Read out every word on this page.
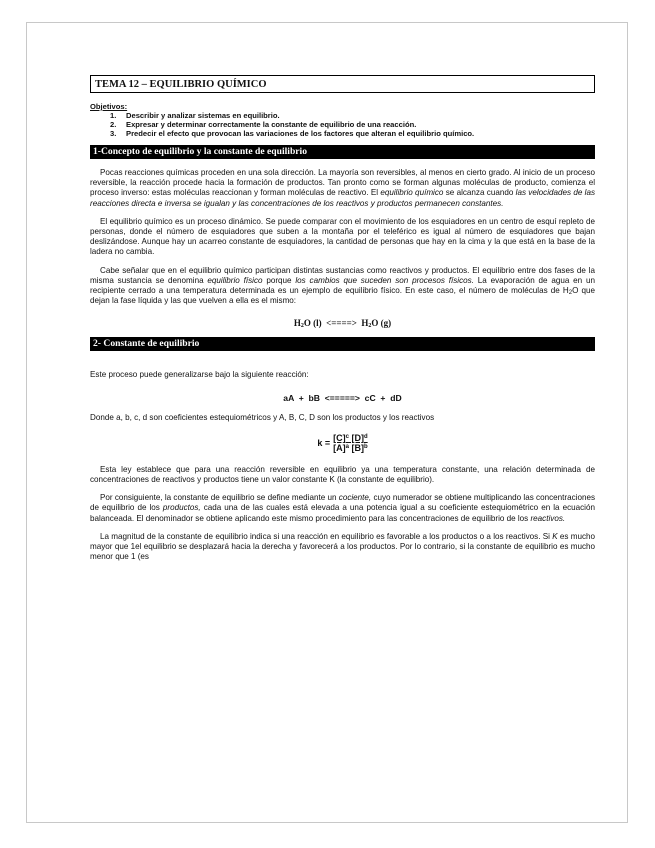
TEMA 12 – EQUILIBRIO QUÍMICO
Objetivos:
1.	Describir y analizar sistemas en equilibrio.
2.	Expresar y determinar correctamente la constante de equilibrio de una reacción.
3.	Predecir el efecto que provocan las variaciones de los factores que alteran el equilibrio químico.
1-Concepto de equilibrio y la constante de equilibrio

Pocas reacciones químicas proceden en una sola dirección. La mayoría son reversibles, al menos en cierto grado. Al inicio de un proceso reversible, la reacción procede hacia la formación de productos. Tan pronto como se forman algunas moléculas de producto, comienza el proceso inverso: estas moléculas reaccionan y forman moléculas de reactivo. El equilibrio químico se alcanza cuando las velocidades de las reacciones directa e inversa se igualan y las concentraciones de los reactivos y productos permanecen constantes.

El equilibrio químico es un proceso dinámico. Se puede comparar con el movimiento de los esquiadores en un centro de esquí repleto de personas, donde el número de esquiadores que suben a la montaña por el teleférico es igual al número de esquiadores que bajan deslizándose. Aunque hay un acarreo constante de esquiadores, la cantidad de personas que hay en la cima y la que está en la base de la ladera no cambia.

Cabe señalar que en el equilibrio químico participan distintas sustancias como reactivos y productos. El equilibrio entre dos fases de la misma sustancia se denomina equilibrio físico porque los cambios que suceden son procesos físicos. La evaporación de agua en un recipiente cerrado a una temperatura determinada es un ejemplo de equilibrio físico. En este caso, el número de moléculas de $H_2O$ que dejan la fase líquida y las que vuelven a ella es el mismo:

$H_2O$ (l) <====> $H_2O$ (g)
2- Constante de equilibrio

Este proceso puede generalizarse bajo la siguiente reacción:

aA  +  bB  <=====>  cC  +  dD

Donde a, b, c, d son coeficientes estequiométricos y A, B, C, D son los productos y los reactivos

$k = \frac{[C]^c [D]^d}{[A]^a [B]^b}$

Esta ley establece que para una reacción reversible en equilibrio ya una temperatura constante, una relación determinada de concentraciones de reactivos y productos tiene un valor constante K (la constante de equilibrio).

Por consiguiente, la constante de equilibrio se define mediante un cociente, cuyo numerador se obtiene multiplicando las concentraciones de equilibrio de los productos, cada una de las cuales está elevada a una potencia igual a su coeficiente estequiométrico en la ecuación balanceada. El denominador se obtiene aplicando este mismo procedimiento para las concentraciones de equilibrio de los reactivos.

La magnitud de la constante de equilibrio indica si una reacción en equilibrio es favorable a los productos o a los reactivos. Si K es mucho mayor que 1el equilibrio se desplazará hacia la derecha y favorecerá a los productos. Por lo contrario, si la constante de equilibrio es mucho menor que 1 (es
